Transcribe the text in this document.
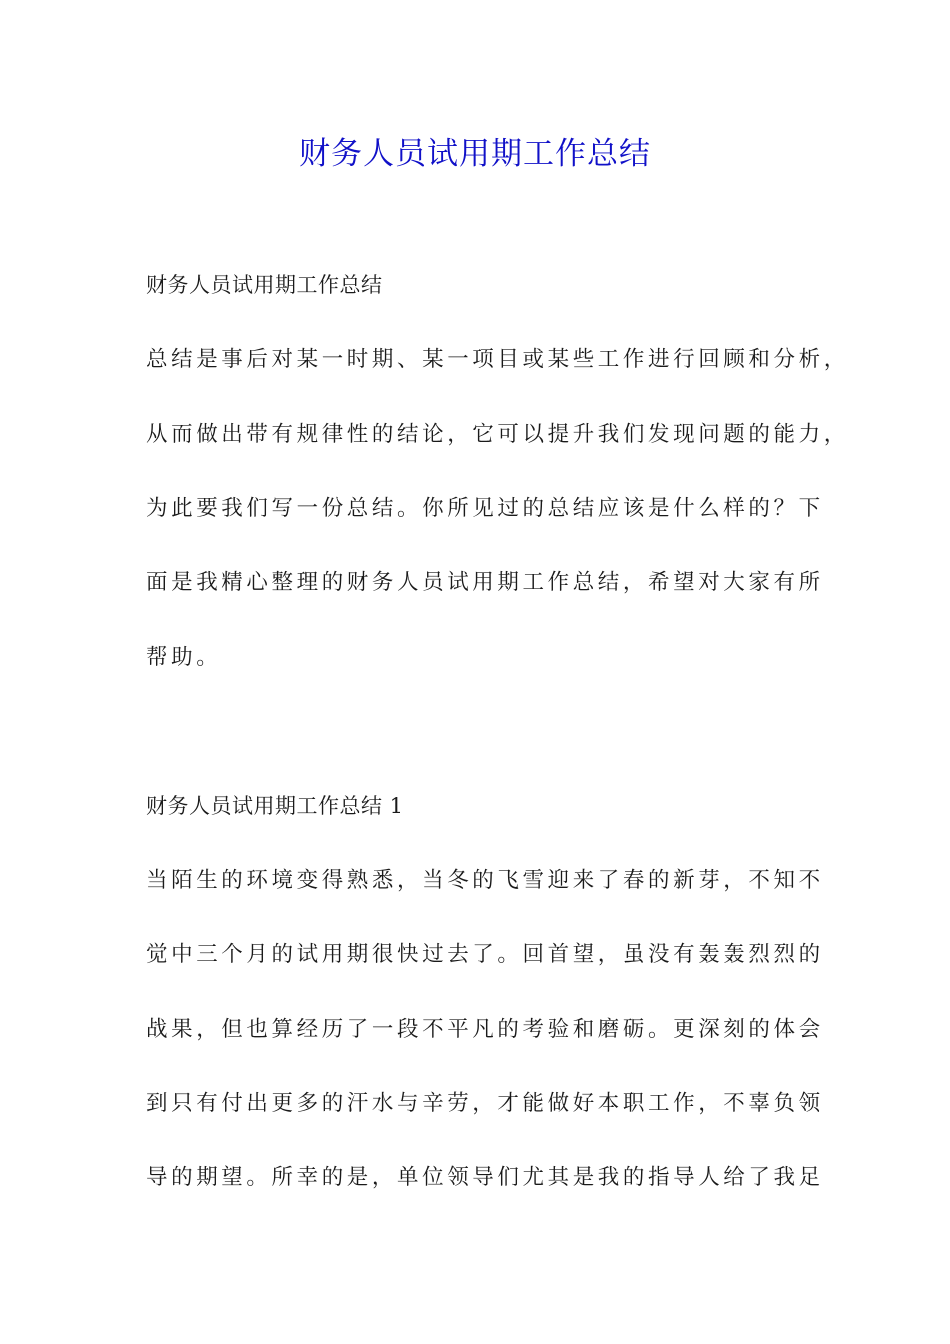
财务人员试用期工作总结

财务人员试用期工作总结

总结是事后对某一时期、某一项目或某些工作进行回顾和分析，

从而做出带有规律性的结论，它可以提升我们发现问题的能力，

为此要我们写一份总结。你所见过的总结应该是什么样的？下

面是我精心整理的财务人员试用期工作总结，希望对大家有所

帮助。

财务人员试用期工作总结 1

当陌生的环境变得熟悉，当冬的飞雪迎来了春的新芽，不知不

觉中三个月的试用期很快过去了。回首望，虽没有轰轰烈烈的

战果，但也算经历了一段不平凡的考验和磨砺。更深刻的体会

到只有付出更多的汗水与辛劳，才能做好本职工作，不辜负领

导的期望。所幸的是，单位领导们尤其是我的指导人给了我足
